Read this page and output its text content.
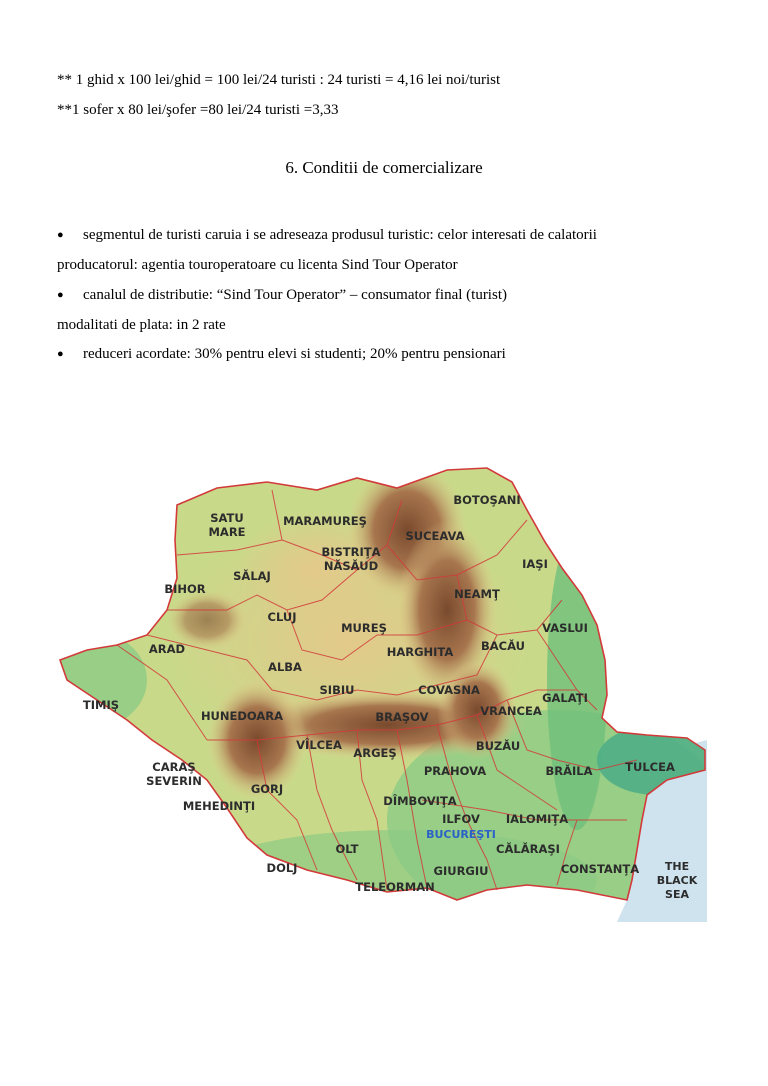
** 1 ghid x 100 lei/ghid = 100 lei/24 turisti : 24 turisti = 4,16 lei noi/turist
**1 sofer x 80 lei/şofer =80 lei/24 turisti =3,33
6. Conditii de comercializare
● segmentul de turisti caruia i se adreseaza produsul turistic: celor interesati de calatorii
producatorul: agentia touroperatoare cu licenta Sind Tour Operator
● canalul de distributie: “Sind Tour Operator” – consumator final (turist)
modalitati de plata: in 2 rate
● reduceri acordate: 30% pentru elevi si studenti; 20% pentru pensionari
SATU
MARE
MARAMUREŞ
BOTOŞANI
SUCEAVA
BISTRIŢA
NĂSĂUD
SĂLAJ
IAŞI
BIHOR	NEAMŢ
CLUJ
MUREŞ	VASLUI
ARAD	HARGHITA BACĂU
ALBA
SIBIU	COVASNA
GALAŢI
TIMIŞ
HUNEDOARA	BRAŞOV	VRANCEA
VÎLCEA
ARGEŞ	BUZĂU
CARAŞ
SEVERIN
PRAHOVA	BRĂILA	TULCEA
GORJ
MEHEDINŢI	DÎMBOVIŢA
ILFOV
BUCUREŞTI
IALOMIŢA
OLT	CĂLĂRAŞI
DOLJ	GIURGIU	CONSTANŢA
TELEORMAN
THE
BLACK
SEA
